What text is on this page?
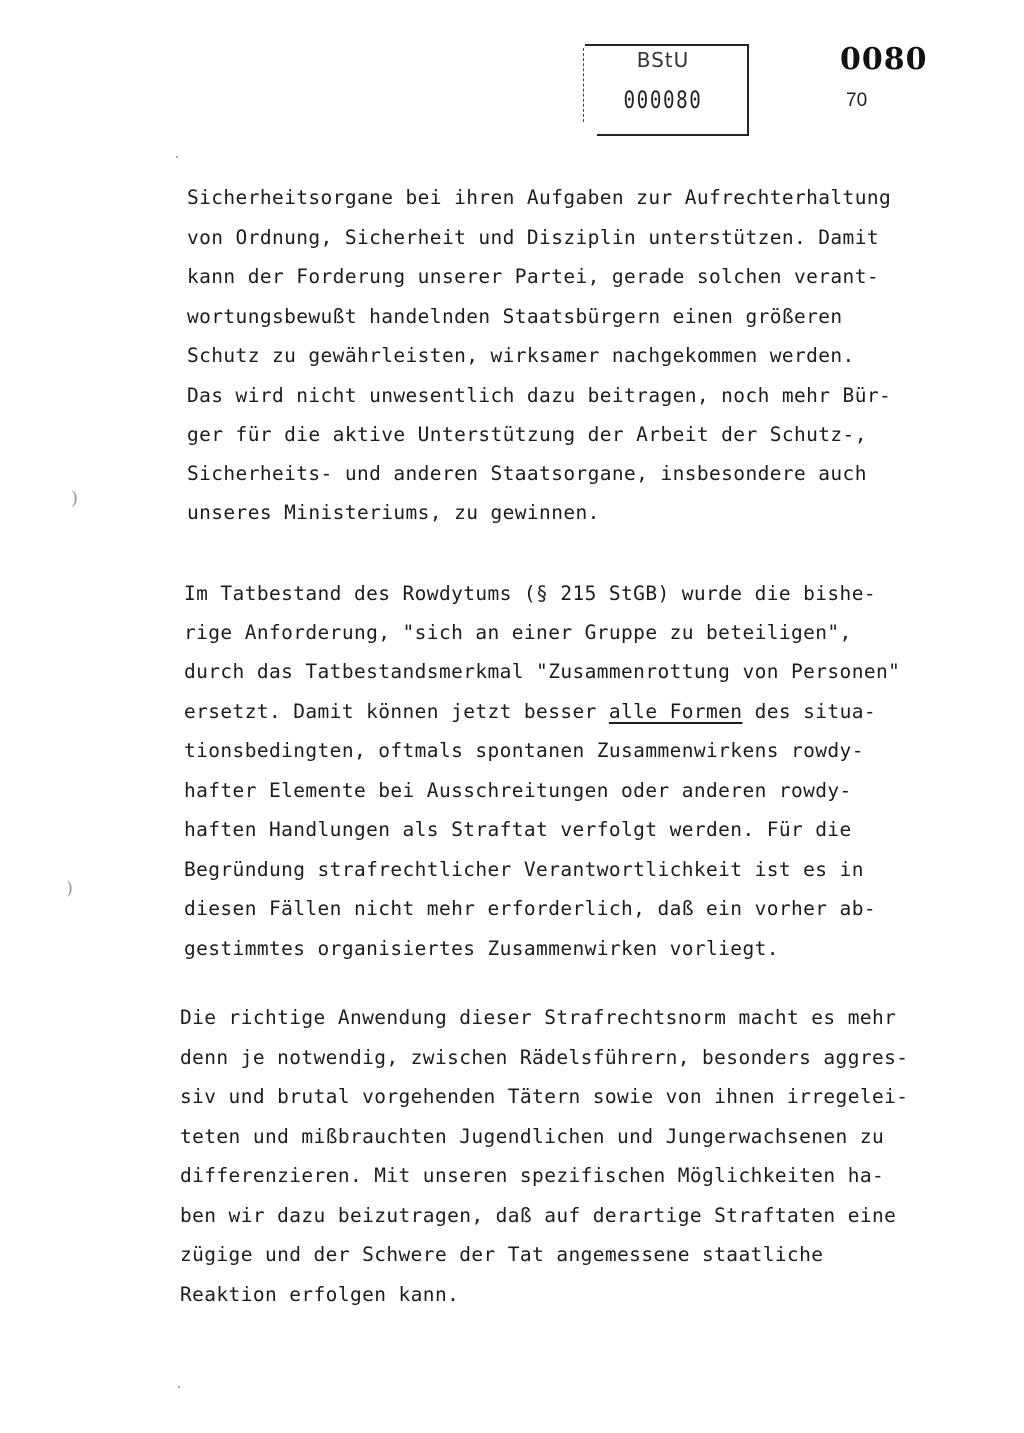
BStU
000080
0080
70
)
)
Sicherheitsorgane bei ihren Aufgaben zur Aufrechterhaltung
von Ordnung, Sicherheit und Disziplin unterstützen. Damit
kann der Forderung unserer Partei, gerade solchen verant-
wortungsbewußt handelnden Staatsbürgern einen größeren
Schutz zu gewährleisten, wirksamer nachgekommen werden.
Das wird nicht unwesentlich dazu beitragen, noch mehr Bür-
ger für die aktive Unterstützung der Arbeit der Schutz-,
Sicherheits- und anderen Staatsorgane, insbesondere auch
unseres Ministeriums, zu gewinnen.
Im Tatbestand des Rowdytums (§ 215 StGB) wurde die bishe-
rige Anforderung, "sich an einer Gruppe zu beteiligen",
durch das Tatbestandsmerkmal "Zusammenrottung von Personen"
ersetzt. Damit können jetzt besser alle Formen des situa-
tionsbedingten, oftmals spontanen Zusammenwirkens rowdy-
hafter Elemente bei Ausschreitungen oder anderen rowdy-
haften Handlungen als Straftat verfolgt werden. Für die
Begründung strafrechtlicher Verantwortlichkeit ist es in
diesen Fällen nicht mehr erforderlich, daß ein vorher ab-
gestimmtes organisiertes Zusammenwirken vorliegt.
Die richtige Anwendung dieser Strafrechtsnorm macht es mehr
denn je notwendig, zwischen Rädelsführern, besonders aggres-
siv und brutal vorgehenden Tätern sowie von ihnen irregelei-
teten und mißbrauchten Jugendlichen und Jungerwachsenen zu
differenzieren. Mit unseren spezifischen Möglichkeiten ha-
ben wir dazu beizutragen, daß auf derartige Straftaten eine
zügige und der Schwere der Tat angemessene staatliche
Reaktion erfolgen kann.
